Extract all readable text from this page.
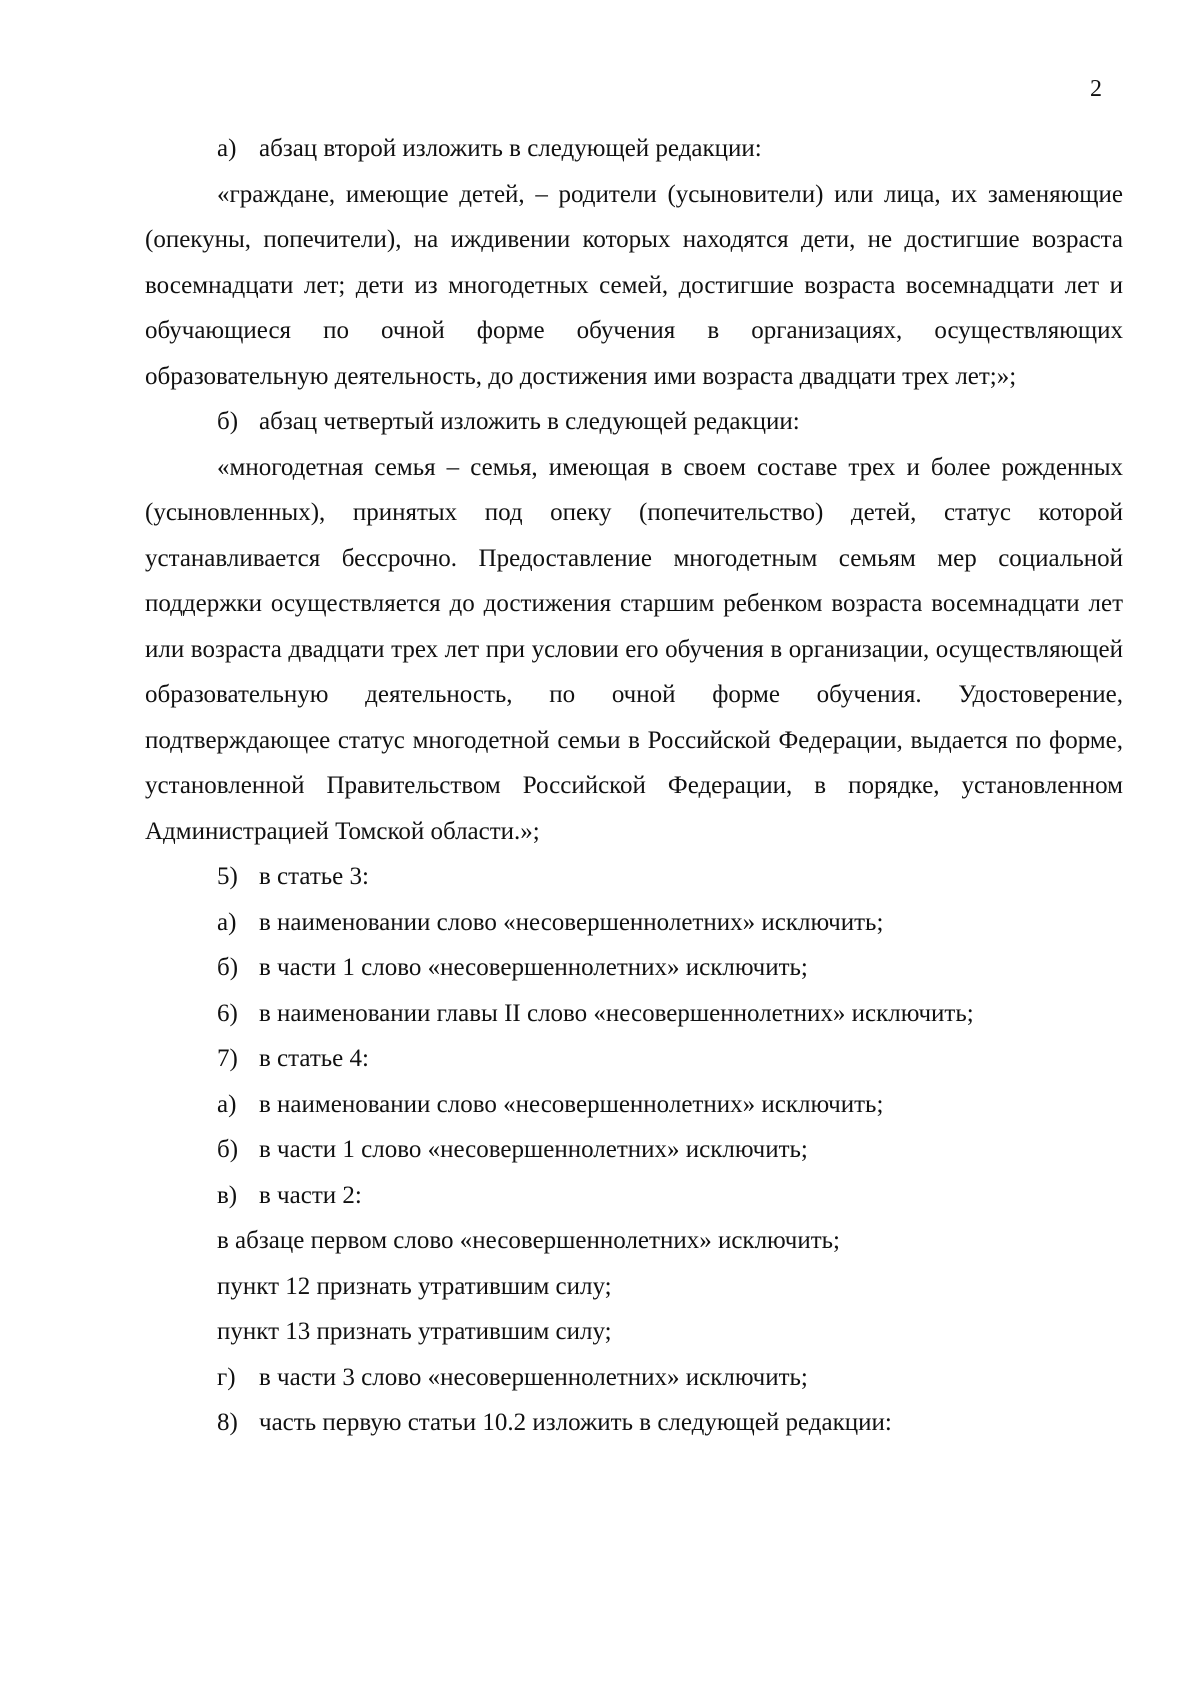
2
а) абзац второй изложить в следующей редакции:
«граждане, имеющие детей, – родители (усыновители) или лица, их заменяющие (опекуны, попечители), на иждивении которых находятся дети, не достигшие возраста восемнадцати лет; дети из многодетных семей, достигшие возраста восемнадцати лет и обучающиеся по очной форме обучения в организациях, осуществляющих образовательную деятельность, до достижения ими возраста двадцати трех лет;»;
б) абзац четвертый изложить в следующей редакции:
«многодетная семья – семья, имеющая в своем составе трех и более рожденных (усыновленных), принятых под опеку (попечительство) детей, статус которой устанавливается бессрочно. Предоставление многодетным семьям мер социальной поддержки осуществляется до достижения старшим ребенком возраста восемнадцати лет или возраста двадцати трех лет при условии его обучения в организации, осуществляющей образовательную деятельность, по очной форме обучения. Удостоверение, подтверждающее статус многодетной семьи в Российской Федерации, выдается по форме, установленной Правительством Российской Федерации, в порядке, установленном Администрацией Томской области.»;
5) в статье 3:
а) в наименовании слово «несовершеннолетних» исключить;
б) в части 1 слово «несовершеннолетних» исключить;
6) в наименовании главы II слово «несовершеннолетних» исключить;
7) в статье 4:
а) в наименовании слово «несовершеннолетних» исключить;
б) в части 1 слово «несовершеннолетних» исключить;
в) в части 2:
в абзаце первом слово «несовершеннолетних» исключить;
пункт 12 признать утратившим силу;
пункт 13 признать утратившим силу;
г) в части 3 слово «несовершеннолетних» исключить;
8) часть первую статьи 10.2 изложить в следующей редакции:
